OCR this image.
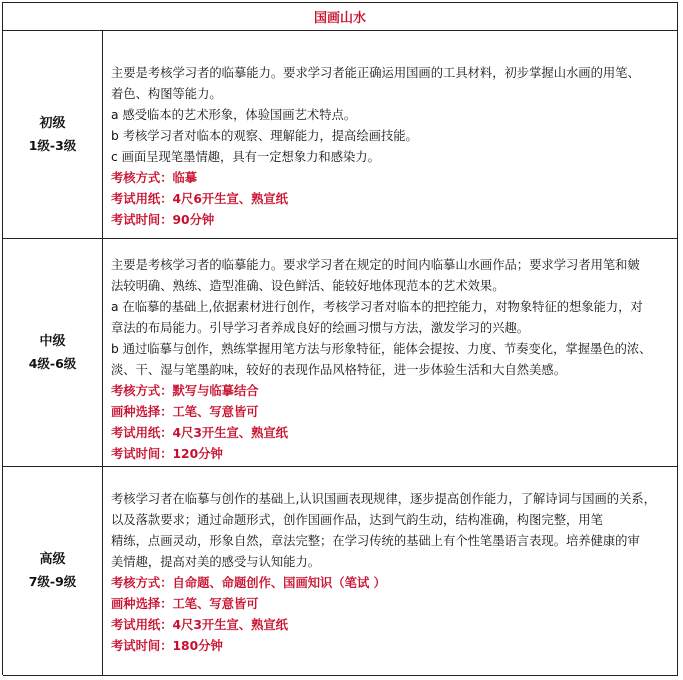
国画山水
初级
1级-3级

主要是考核学习者的临摹能力。要求学习者能正确运用国画的工具材料，初步掌握山水画的用笔、

着色、构图等能力。

a 感受临本的艺术形象，体验国画艺术特点。

b 考核学习者对临本的观察、理解能力，提高绘画技能。

c 画面呈现笔墨情趣，具有一定想象力和感染力。

考核方式：临摹

考试用纸：4尺6开生宣、熟宣纸

考试时间：90分钟

中级
4级-6级

主要是考核学习者的临摹能力。要求学习者在规定的时间内临摹山水画作品；要求学习者用笔和皴

法较明确、熟练、造型准确、设色鲜活、能较好地体现范本的艺术效果。

a 在临摹的基础上,依据素材进行创作，考核学习者对临本的把控能力，对物象特征的想象能力，对

章法的布局能力。引导学习者养成良好的绘画习惯与方法，激发学习的兴趣。

b 通过临摹与创作，熟练掌握用笔方法与形象特征，能体会提按、力度、节奏变化，掌握墨色的浓、

淡、干、湿与笔墨韵味，较好的表现作品风格特征，进一步体验生活和大自然美感。

考核方式：默写与临摹结合

画种选择：工笔、写意皆可

考试用纸：4尺3开生宣、熟宣纸

考试时间：120分钟

高级
7级-9级

考核学习者在临摹与创作的基础上,认识国画表现规律，逐步提高创作能力，了解诗词与国画的关系，

以及落款要求；通过命题形式，创作国画作品，达到气韵生动，结构准确，构图完整，用笔

精练，点画灵动，形象自然，章法完整；在学习传统的基础上有个性笔墨语言表现。培养健康的审

美情趣，提高对美的感受与认知能力。

考核方式：自命题、命题创作、国画知识（笔试 ）

画种选择：工笔、写意皆可

考试用纸：4尺3开生宣、熟宣纸

考试时间：180分钟
